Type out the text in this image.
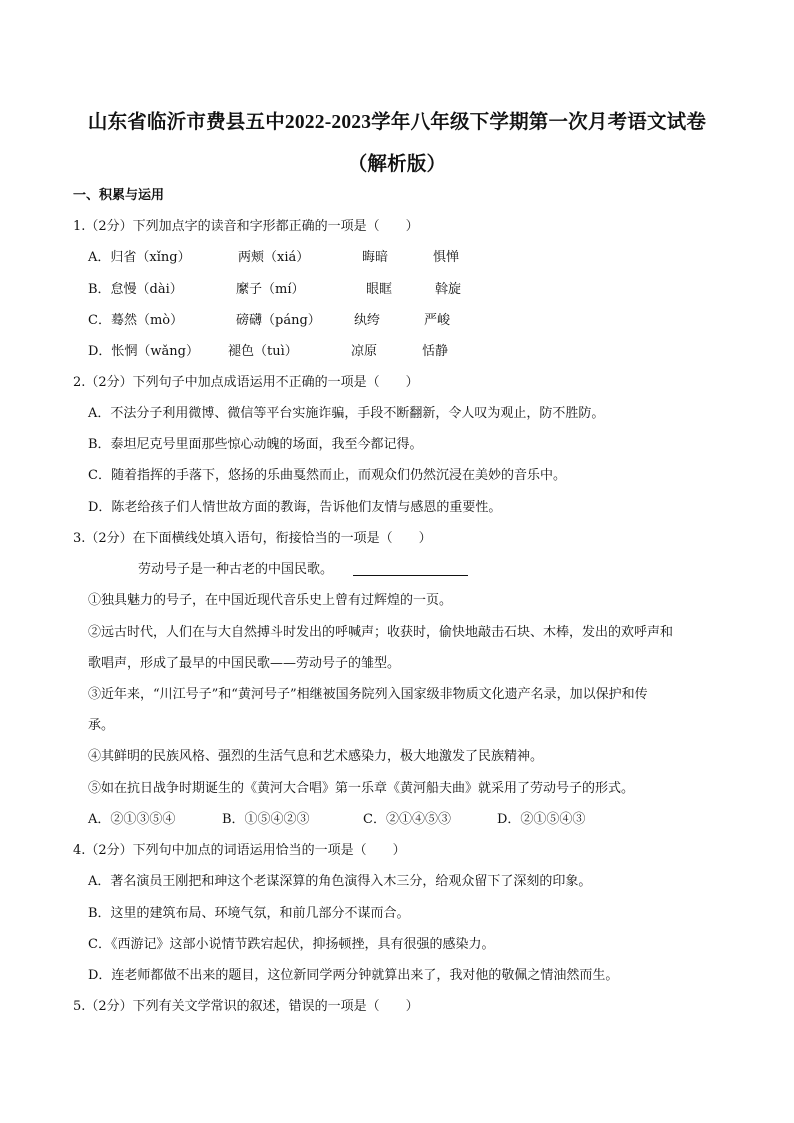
山东省临沂市费县五中2022-2023学年八年级下学期第一次月考语文试卷
（解析版）
一、积累与运用
1.（2分）下列加点字的读音和字形都正确的一项是（　　）
A．归省（xǐng）	两颊（xiá）	晦暗	惧惮
B．怠慢（dài）	縻子（mí）	眼眶	斡旋
C．蓦然（mò）	磅礴（páng）	纨绔	严峻
D．怅惘（wǎng） 褪色（tuì）	凉原	恬静
2.（2分）下列句子中加点成语运用不正确的一项是（　　）
A．不法分子利用微博、微信等平台实施诈骗，手段不断翻新，令人叹为观止，防不胜防。
B．泰坦尼克号里面那些惊心动魄的场面，我至今都记得。
C．随着指挥的手落下，悠扬的乐曲戛然而止，而观众们仍然沉浸在美妙的音乐中。
D．陈老给孩子们人情世故方面的教诲，告诉他们友情与感恩的重要性。
3.（2分）在下面横线处填入语句，衔接恰当的一项是（　　）
劳动号子是一种古老的中国民歌。
①独具魅力的号子，在中国近现代音乐史上曾有过辉煌的一页。
②远古时代，人们在与大自然搏斗时发出的呼喊声；收获时，偷快地敲击石块、木棒，发出的欢呼声和
歌唱声，形成了最早的中国民歌——劳动号子的雏型。
③近年来，“川江号子”和“黄河号子”相继被国务院列入国家级非物质文化遗产名录，加以保护和传
承。
④其鲜明的民族风格、强烈的生活气息和艺术感染力，极大地激发了民族精神。
⑤如在抗日战争时期诞生的《黄河大合唱》第一乐章《黄河船夫曲》就采用了劳动号子的形式。
A．②①③⑤④	B．①⑤④②③	C．②①④⑤③	D．②①⑤④③
4.（2分）下列句中加点的词语运用恰当的一项是（　　）
A．著名演员王刚把和珅这个老谋深算的角色演得入木三分，给观众留下了深刻的印象。
B．这里的建筑布局、环境气氛，和前几部分不谋而合。
C．《西游记》这部小说情节跌宕起伏，抑扬顿挫，具有很强的感染力。
D．连老师都做不出来的题目，这位新同学两分钟就算出来了，我对他的敬佩之情油然而生。
5.（2分）下列有关文学常识的叙述，错误的一项是（　　）
